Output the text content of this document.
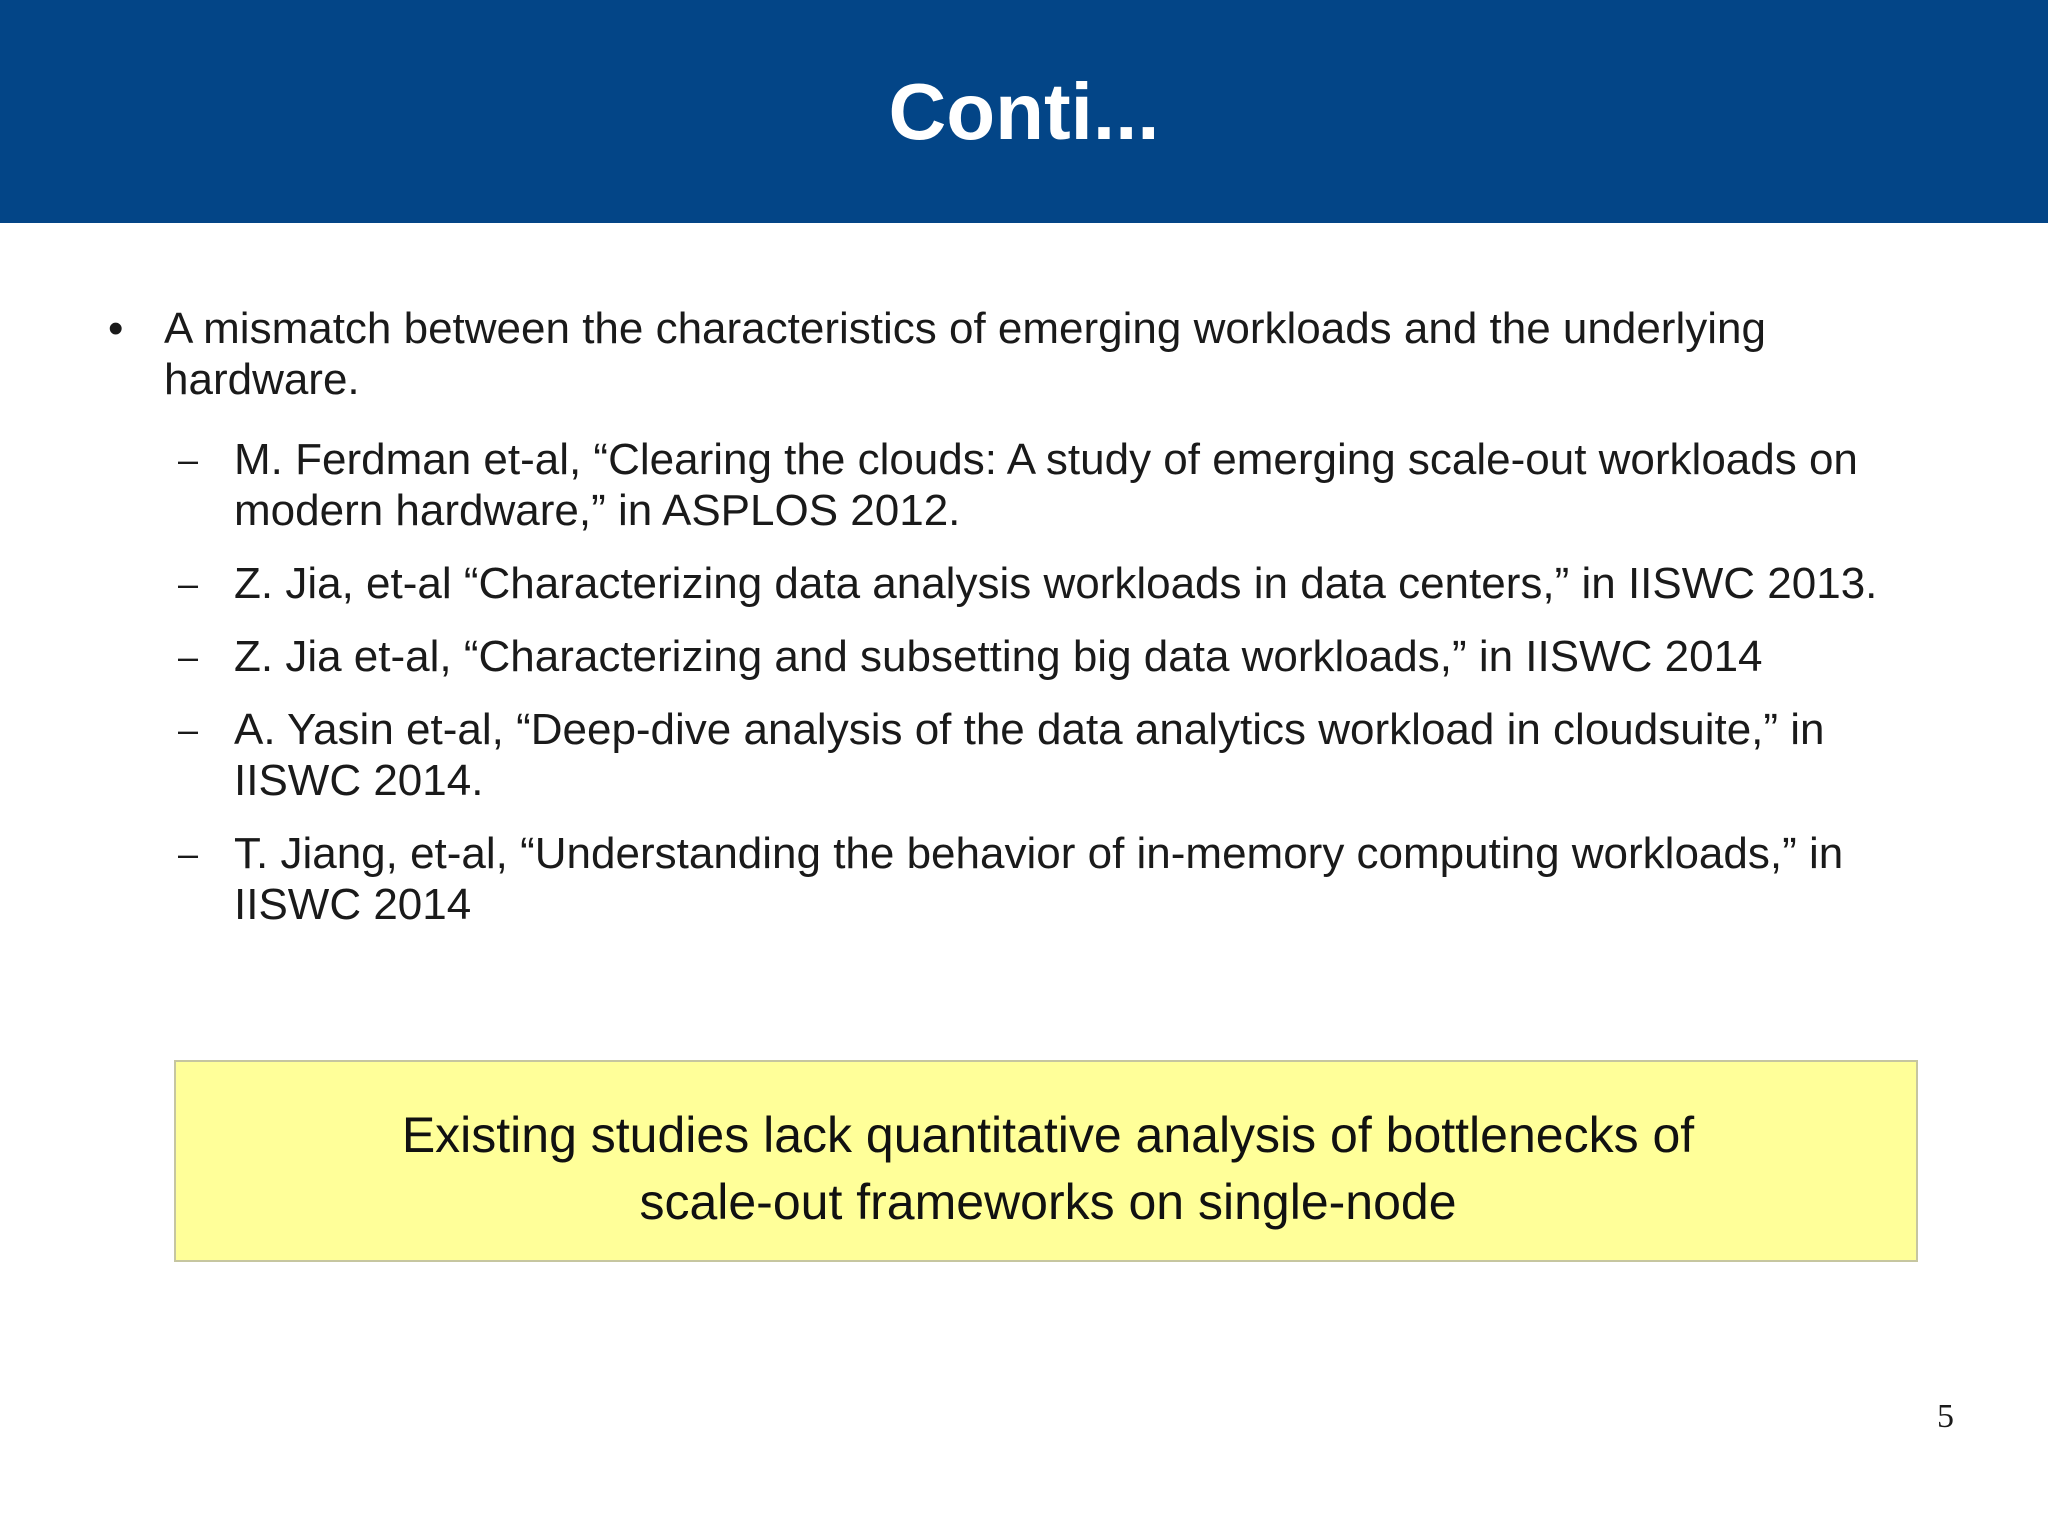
Conti...
• A mismatch between the characteristics of emerging workloads and the underlying hardware.
– M. Ferdman et-al, “Clearing the clouds: A study of emerging scale-out workloads on modern hardware,” in ASPLOS 2012.
– Z. Jia, et-al “Characterizing data analysis workloads in data centers,” in IISWC 2013.
– Z. Jia et-al, “Characterizing and subsetting big data workloads,” in IISWC 2014
– A. Yasin et-al, “Deep-dive analysis of the data analytics workload in cloudsuite,” in IISWC 2014.
– T. Jiang, et-al, “Understanding the behavior of in-memory computing workloads,” in IISWC 2014
Existing studies lack quantitative analysis of bottlenecks of
scale-out frameworks on single-node
5
